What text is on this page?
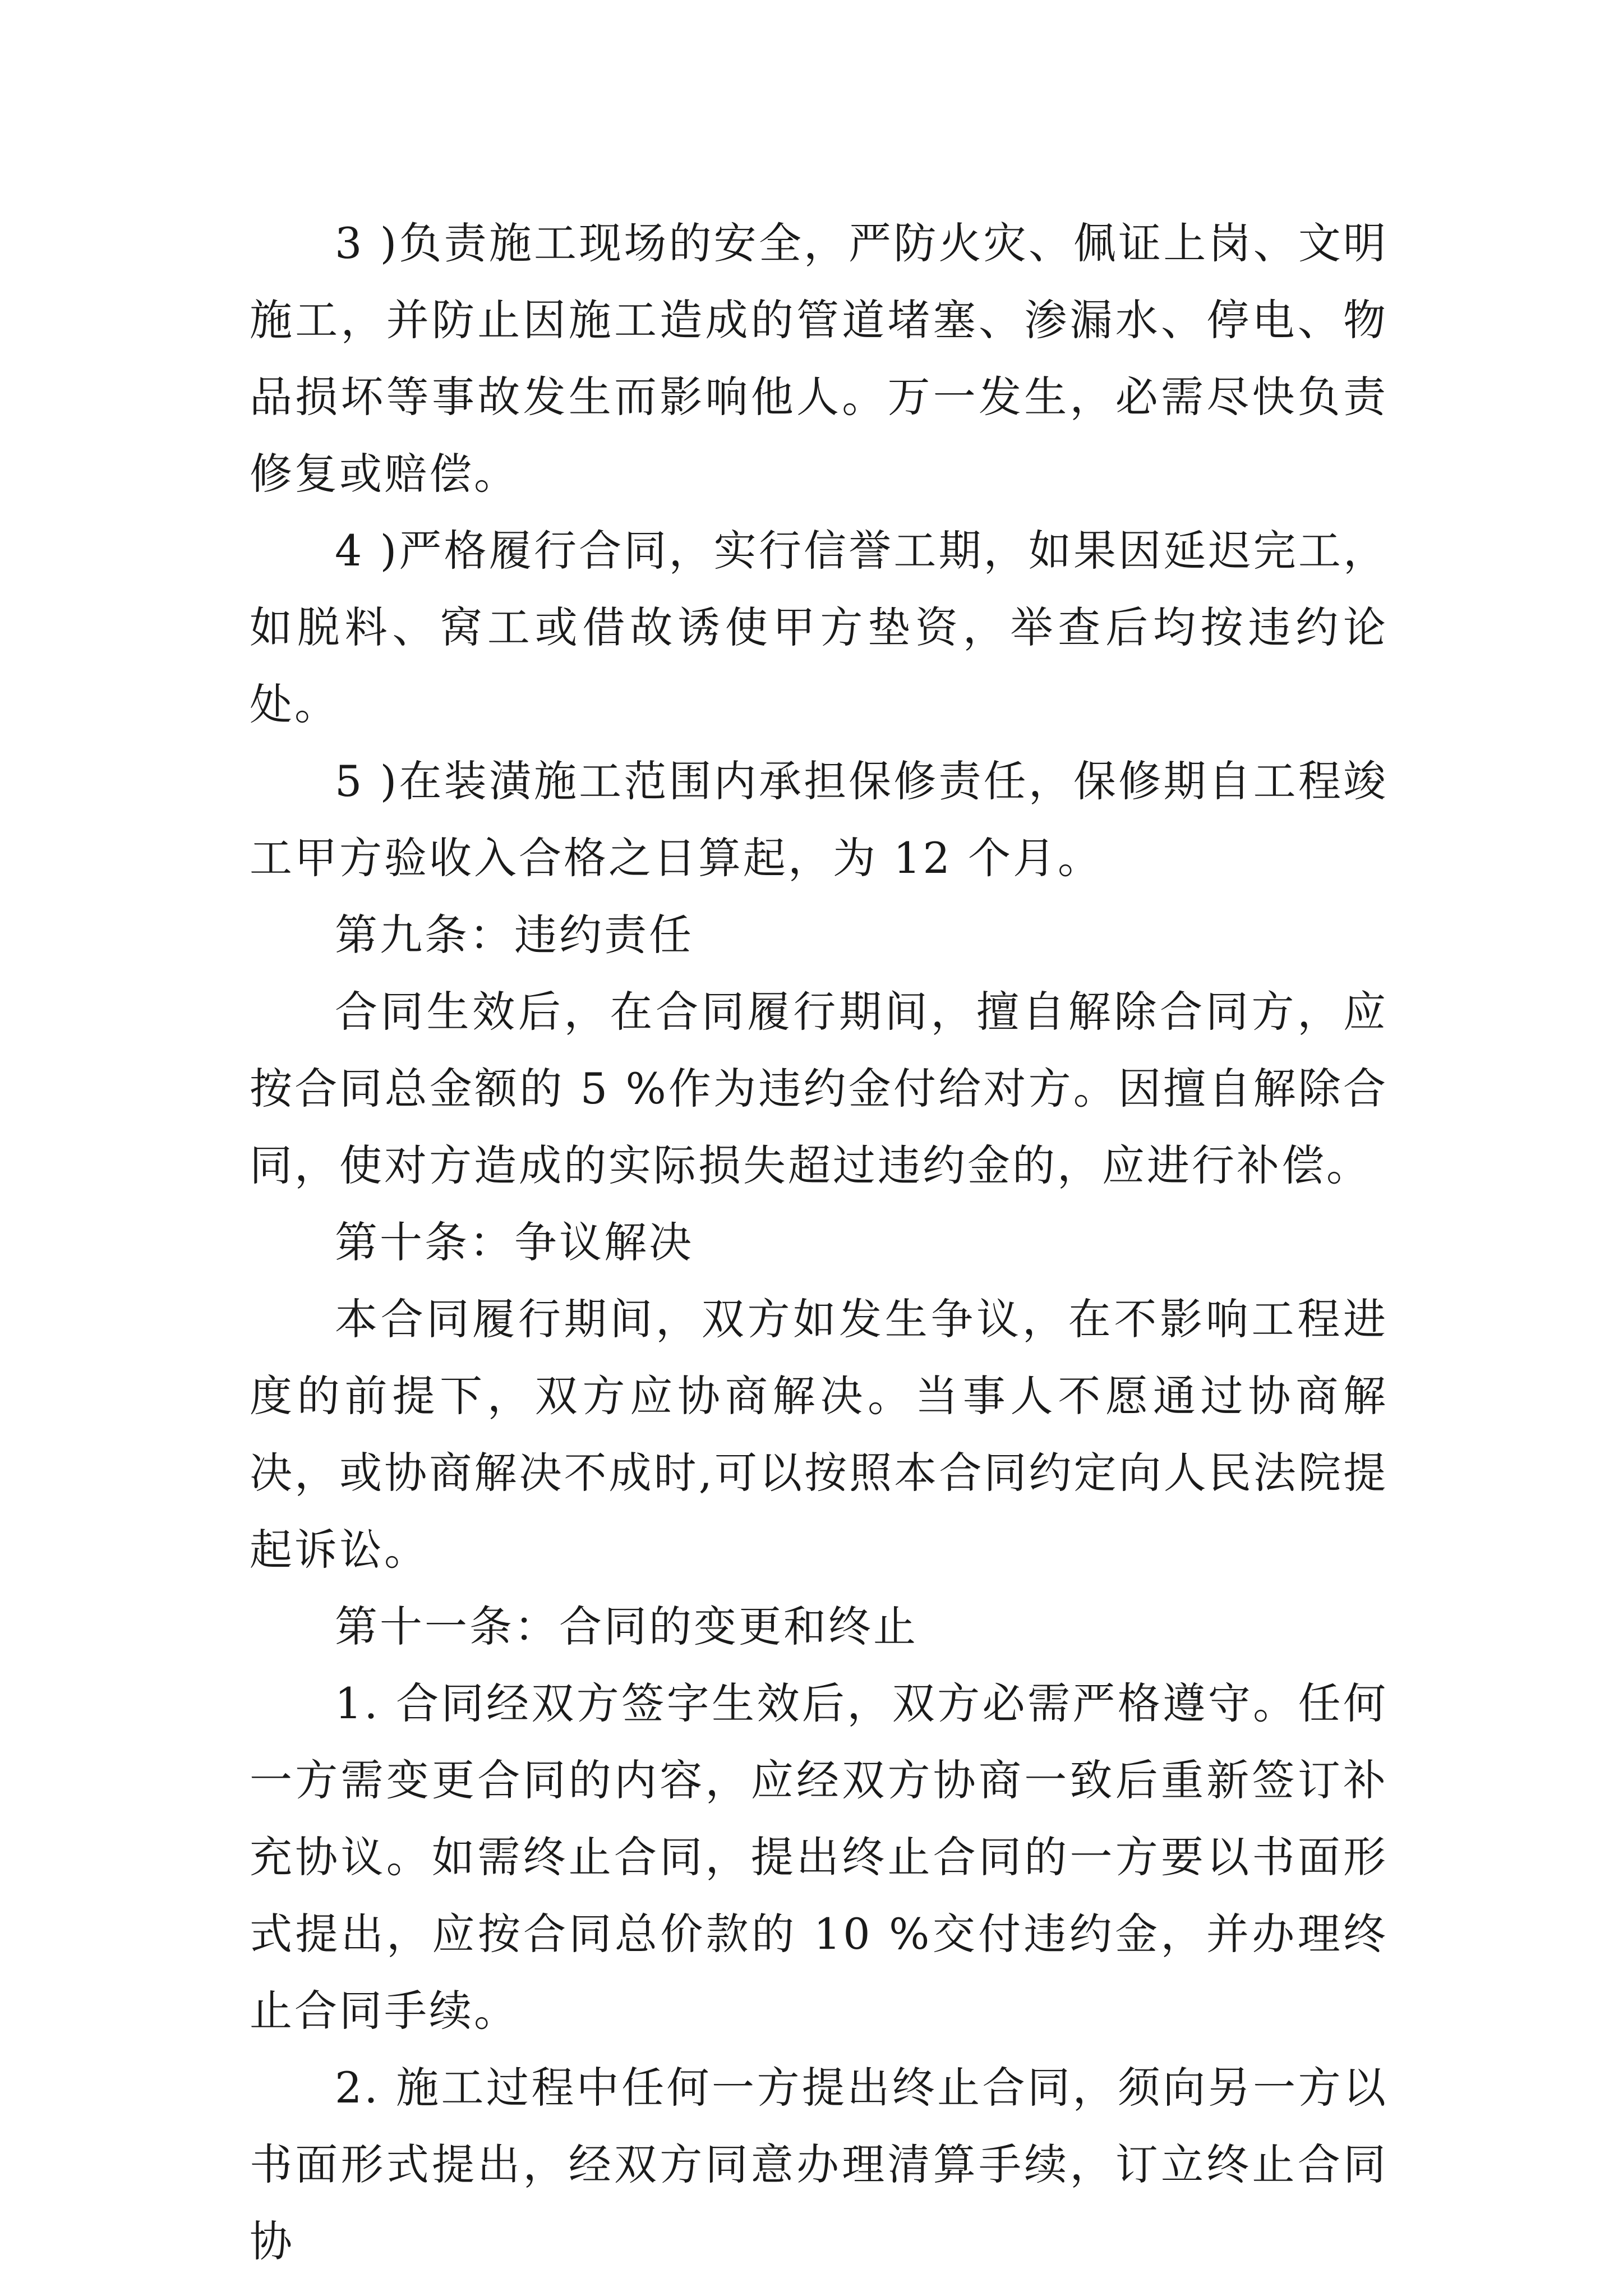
3 )负责施工现场的安全，严防火灾、佩证上岗、文明施工，并防止因施工造成的管道堵塞、渗漏水、停电、物品损坏等事故发生而影响他人。万一发生，必需尽快负责修复或赔偿。

4 )严格履行合同，实行信誉工期，如果因延迟完工，如脱料、窝工或借故诱使甲方垫资，举查后均按违约论处。

5 )在装潢施工范围内承担保修责任，保修期自工程竣工甲方验收入合格之日算起，为 12 个月。

第九条：违约责任

合同生效后，在合同履行期间，擅自解除合同方，应按合同总金额的 5 %作为违约金付给对方。因擅自解除合同，使对方造成的实际损失超过违约金的，应进行补偿。

第十条：争议解决

本合同履行期间，双方如发生争议，在不影响工程进度的前提下，双方应协商解决。当事人不愿通过协商解决，或协商解决不成时,可以按照本合同约定向人民法院提起诉讼。

第十一条：合同的变更和终止

1. 合同经双方签字生效后，双方必需严格遵守。任何一方需变更合同的内容，应经双方协商一致后重新签订补充协议。如需终止合同，提出终止合同的一方要以书面形式提出，应按合同总价款的 10 %交付违约金，并办理终止合同手续。

2. 施工过程中任何一方提出终止合同，须向另一方以书面形式提出，经双方同意办理清算手续，订立终止合同协
